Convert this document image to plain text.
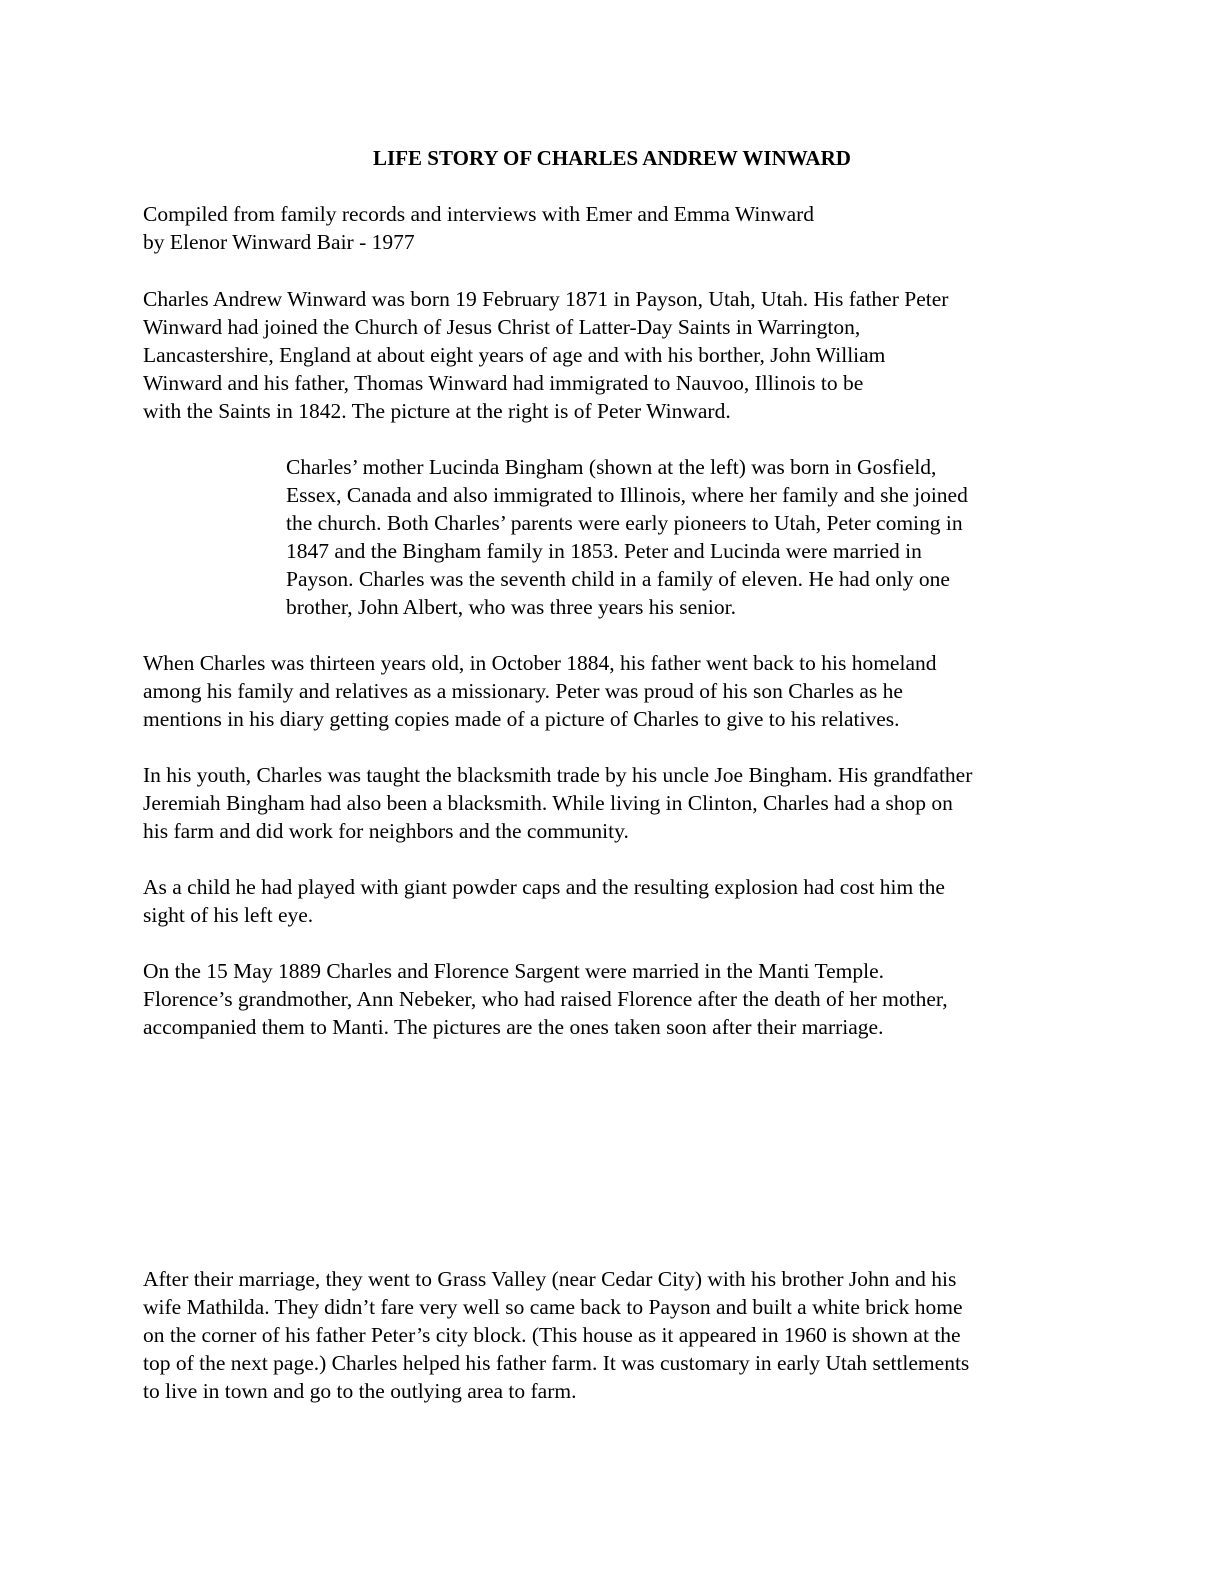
LIFE STORY OF CHARLES ANDREW WINWARD

Compiled from family records and interviews with Emer and Emma Winward
by Elenor Winward Bair - 1977

Charles Andrew Winward was born 19 February 1871 in Payson, Utah, Utah. His father Peter
Winward had joined the Church of Jesus Christ of Latter-Day Saints in Warrington,
Lancastershire, England at about eight years of age and with his borther, John William
Winward and his father, Thomas Winward had immigrated to Nauvoo, Illinois to be
with the Saints in 1842. The picture at the right is of Peter Winward.

Charles’ mother Lucinda Bingham (shown at the left) was born in Gosfield,
Essex, Canada and also immigrated to Illinois, where her family and she joined
the church. Both Charles’ parents were early pioneers to Utah, Peter coming in
1847 and the Bingham family in 1853. Peter and Lucinda were married in
Payson. Charles was the seventh child in a family of eleven. He had only one
brother, John Albert, who was three years his senior.

When Charles was thirteen years old, in October 1884, his father went back to his homeland
among his family and relatives as a missionary. Peter was proud of his son Charles as he
mentions in his diary getting copies made of a picture of Charles to give to his relatives.

In his youth, Charles was taught the blacksmith trade by his uncle Joe Bingham. His grandfather
Jeremiah Bingham had also been a blacksmith. While living in Clinton, Charles had a shop on
his farm and did work for neighbors and the community.

As a child he had played with giant powder caps and the resulting explosion had cost him the
sight of his left eye.

On the 15 May 1889 Charles and Florence Sargent were married in the Manti Temple.
Florence’s grandmother, Ann Nebeker, who had raised Florence after the death of her mother,
accompanied them to Manti. The pictures are the ones taken soon after their marriage.

After their marriage, they went to Grass Valley (near Cedar City) with his brother John and his
wife Mathilda. They didn’t fare very well so came back to Payson and built a white brick home
on the corner of his father Peter’s city block. (This house as it appeared in 1960 is shown at the
top of the next page.) Charles helped his father farm. It was customary in early Utah settlements
to live in town and go to the outlying area to farm.
